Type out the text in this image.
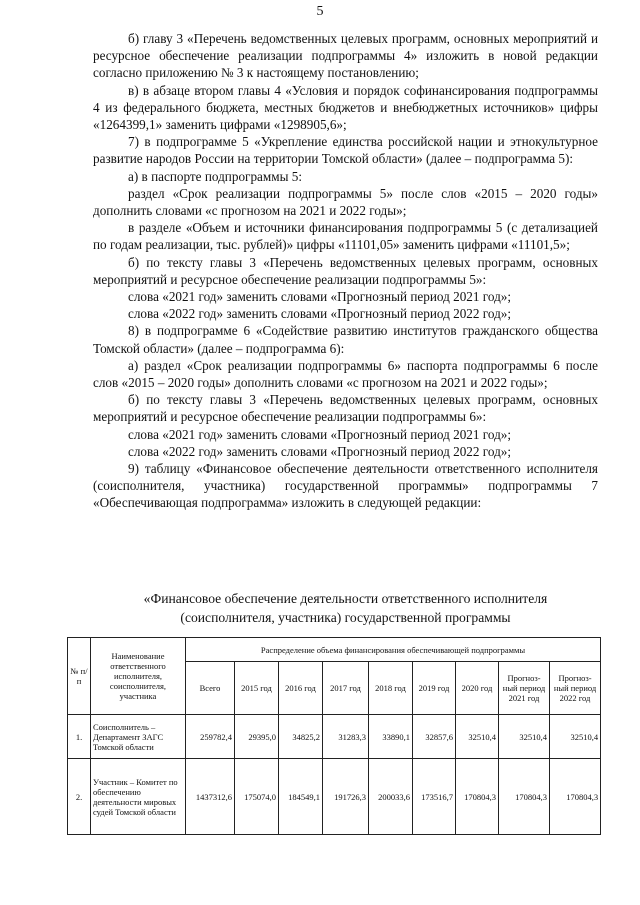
5

б) главу 3 «Перечень ведомственных целевых программ, основных мероприятий и ресурсное обеспечение реализации подпрограммы 4» изложить в новой редакции согласно приложению № 3 к настоящему постановлению;

в) в абзаце втором главы 4 «Условия и порядок софинансирования подпрограммы 4 из федерального бюджета, местных бюджетов и внебюджетных источников» цифры «1264399,1» заменить цифрами «1298905,6»;

7) в подпрограмме 5 «Укрепление единства российской нации и этнокультурное развитие народов России на территории Томской области» (далее – подпрограмма 5):

а) в паспорте подпрограммы 5:

раздел «Срок реализации подпрограммы 5» после слов «2015 – 2020 годы» дополнить словами «с прогнозом на 2021 и 2022 годы»;

в разделе «Объем и источники финансирования подпрограммы 5 (с детализацией по годам реализации, тыс. рублей)» цифры «11101,05» заменить цифрами «11101,5»;

б) по тексту главы 3 «Перечень ведомственных целевых программ, основных мероприятий и ресурсное обеспечение реализации подпрограммы 5»:

слова «2021 год» заменить словами «Прогнозный период 2021 год»;

слова «2022 год» заменить словами «Прогнозный период 2022 год»;

8) в подпрограмме 6 «Содействие развитию институтов гражданского общества Томской области» (далее – подпрограмма 6):

а) раздел «Срок реализации подпрограммы 6» паспорта подпрограммы 6 после слов «2015 – 2020 годы» дополнить словами «с прогнозом на 2021 и 2022 годы»;

б) по тексту главы 3 «Перечень ведомственных целевых программ, основных мероприятий и ресурсное обеспечение реализации подпрограммы 6»:

слова «2021 год» заменить словами «Прогнозный период 2021 год»;

слова «2022 год» заменить словами «Прогнозный период 2022 год»;

9) таблицу «Финансовое обеспечение деятельности ответственного исполнителя (соисполнителя, участника) государственной программы» подпрограммы 7 «Обеспечивающая подпрограмма» изложить в следующей редакции:

«Финансовое обеспечение деятельности ответственного исполнителя
(соисполнителя, участника) государственной программы
№ п/п	Наименование ответственного исполнителя, соисполнителя, участника	Распределение объема финансирования обеспечивающей подпрограммы								
		Всего	2015 год	2016 год	2017 год	2018 год	2019 год	2020 год	Прогноз-ный период 2021 год	Прогноз-ный период 2022 год
1.	Соисполнитель – Департамент ЗАГС Томской области	259782,4	29395,0	34825,2	31283,3	33890,1	32857,6	32510,4	32510,4	32510,4
2.	Участник – Комитет по обеспечению деятельности мировых судей Томской области	1437312,6	175074,0	184549,1	191726,3	200033,6	173516,7	170804,3	170804,3	170804,3
